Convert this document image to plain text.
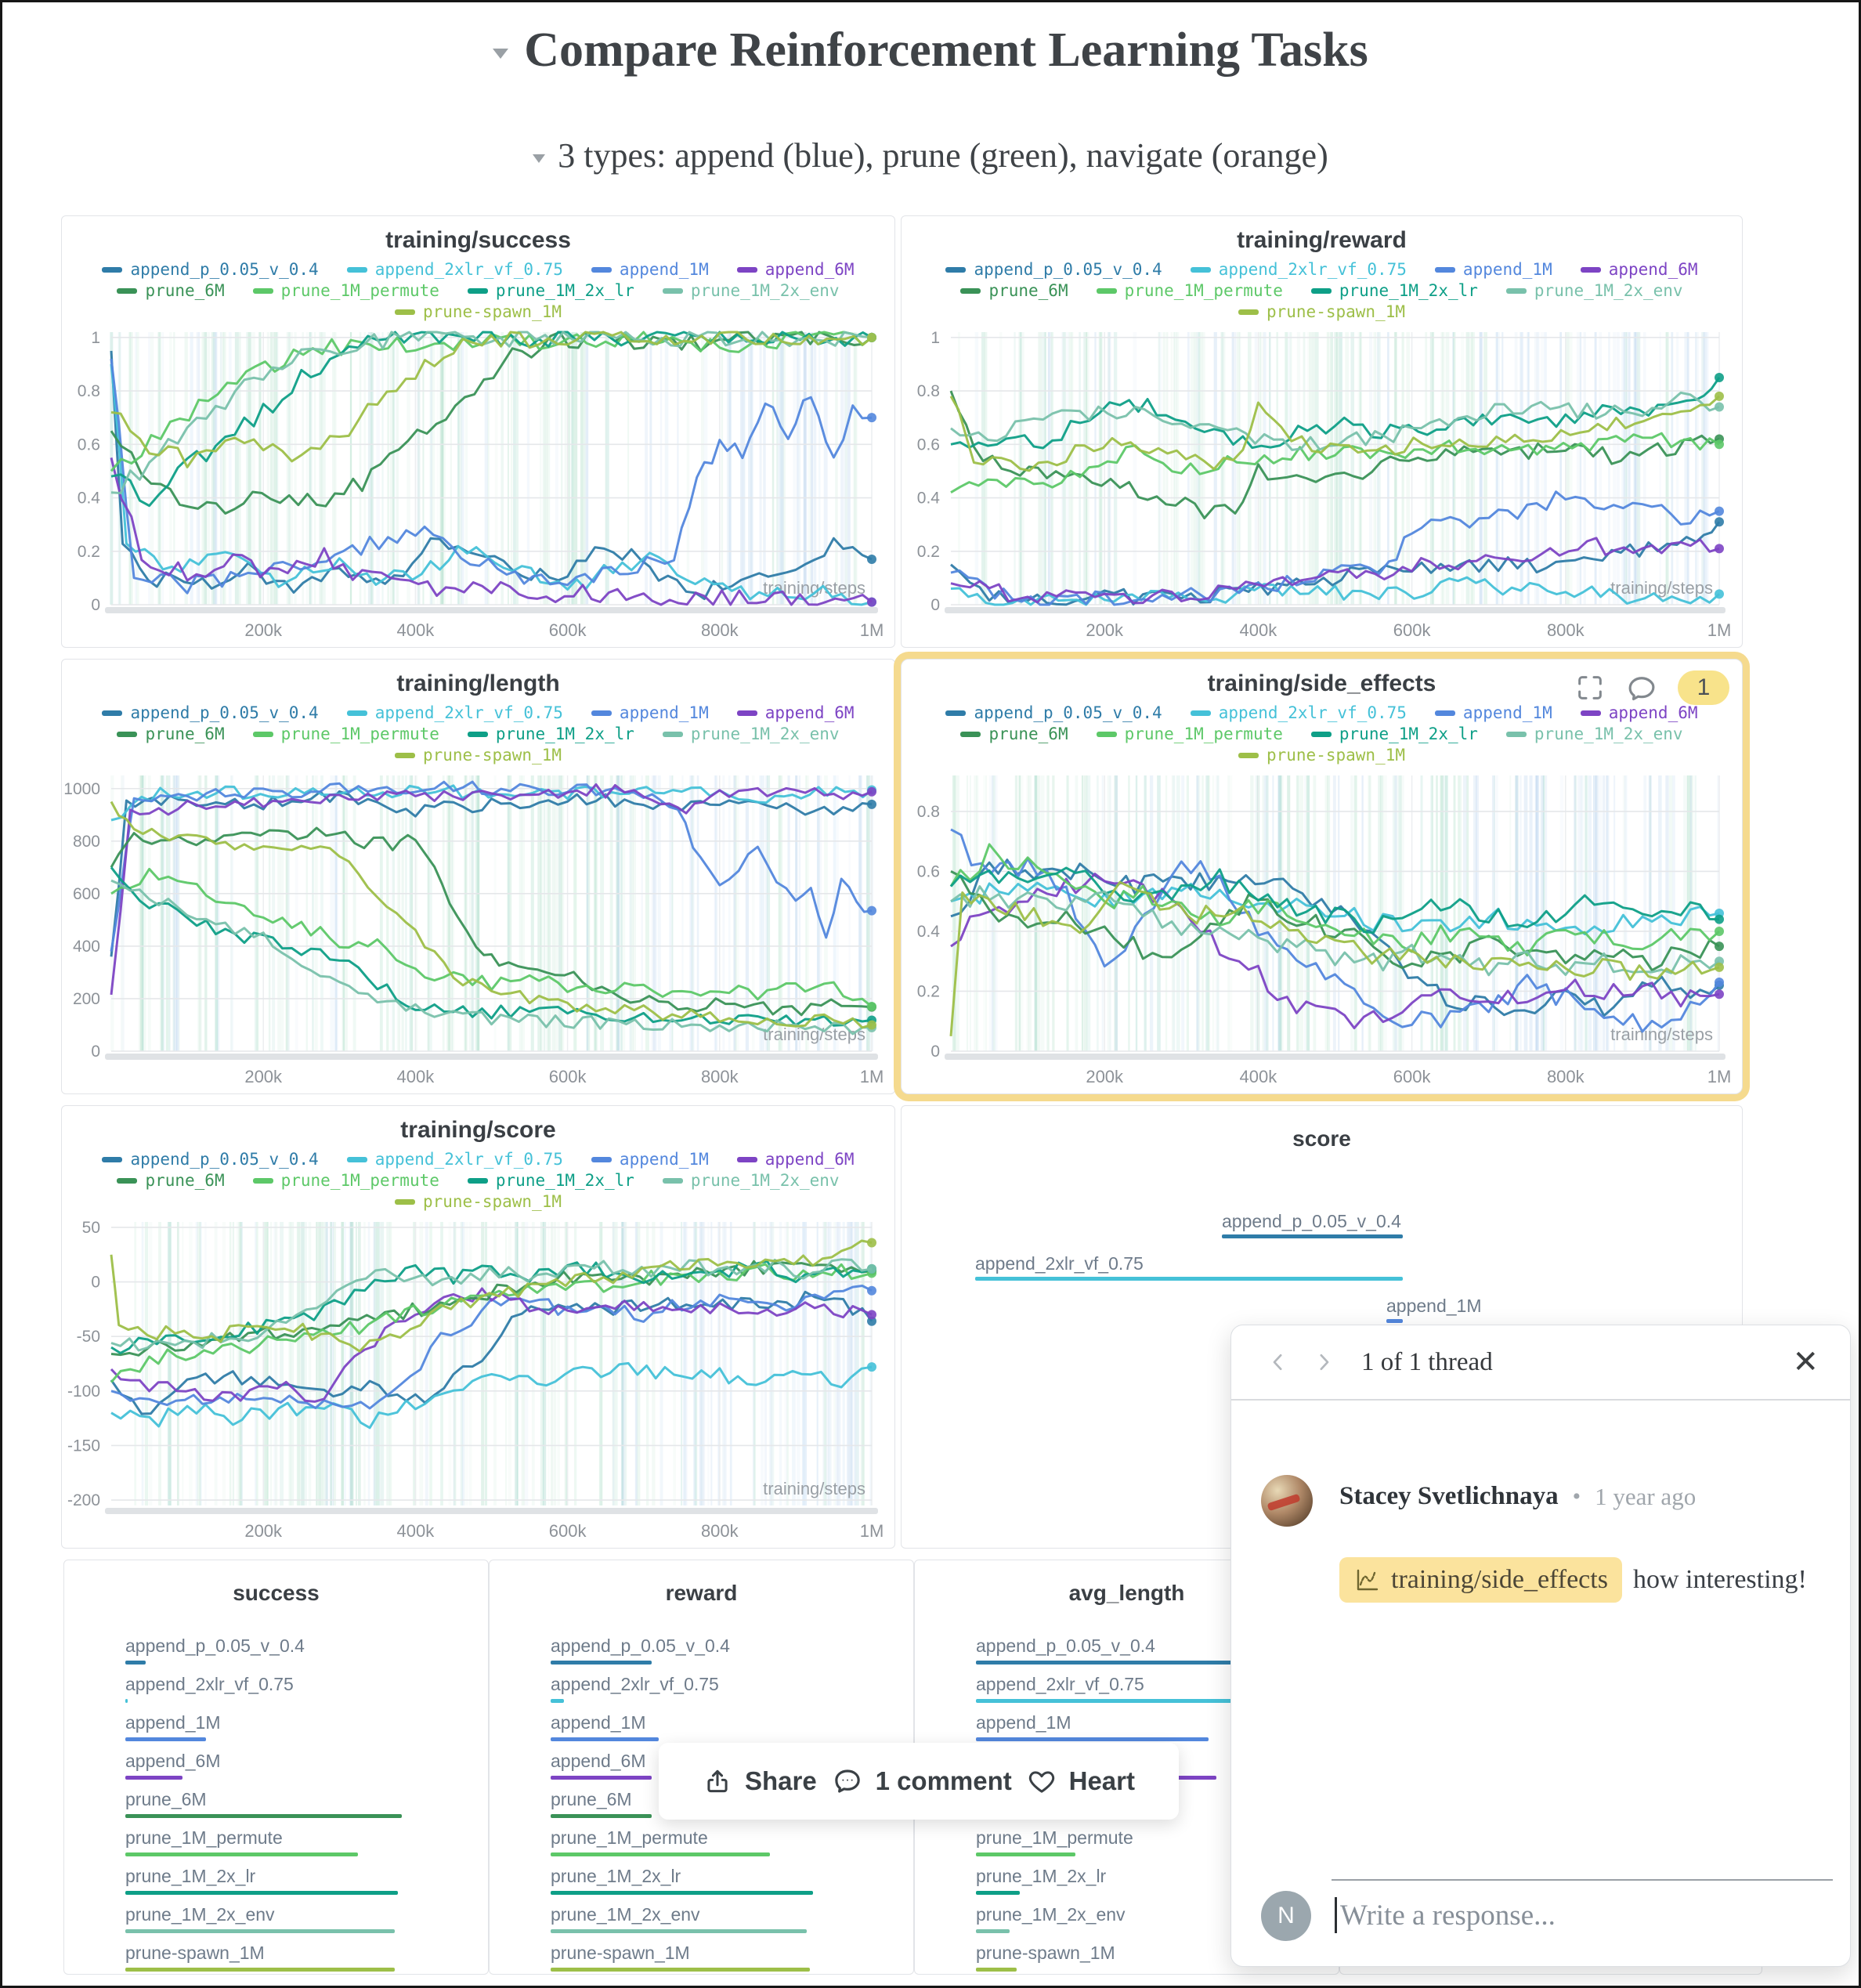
Compare Reinforcement Learning Tasks
3 types: append (blue), prune (green), navigate (orange)
training/success
append_p_0.05_v_0.4	append_2xlr_vf_0.75	append_1M	append_6M
prune_6M	prune_1M_permute	prune_1M_2x_lr	prune_1M_2x_env
prune-spawn_1M
0
0.2
0.4
0.6
0.8
1
200k	400k	600k	800k	1M
training/steps
training/reward
append_p_0.05_v_0.4	append_2xlr_vf_0.75	append_1M	append_6M
prune_6M	prune_1M_permute	prune_1M_2x_lr	prune_1M_2x_env
prune-spawn_1M
0
0.2
0.4
0.6
0.8
1
200k	400k	600k	800k	1M
training/steps
training/length
append_p_0.05_v_0.4	append_2xlr_vf_0.75	append_1M	append_6M
prune_6M	prune_1M_permute	prune_1M_2x_lr	prune_1M_2x_env
prune-spawn_1M
0
200
400
600
800
1000
200k	400k	600k	800k	1M
training/steps
1
training/side_effects
append_p_0.05_v_0.4	append_2xlr_vf_0.75	append_1M	append_6M
prune_6M	prune_1M_permute	prune_1M_2x_lr	prune_1M_2x_env
prune-spawn_1M
0
0.2
0.4
0.6
0.8
200k	400k	600k	800k	1M
training/steps
training/score
append_p_0.05_v_0.4	append_2xlr_vf_0.75	append_1M	append_6M
prune_6M	prune_1M_permute	prune_1M_2x_lr	prune_1M_2x_env
prune-spawn_1M
50
0
-50
-100
-150
-200
200k	400k	600k	800k	1M
training/steps
score
append_p_0.05_v_0.4
append_2xlr_vf_0.75
append_1M
success
append_p_0.05_v_0.4
append_2xlr_vf_0.75
append_1M
append_6M
prune_6M
prune_1M_permute
prune_1M_2x_lr
prune_1M_2x_env
prune-spawn_1M
reward
append_p_0.05_v_0.4
append_2xlr_vf_0.75
append_1M
append_6M
prune_6M
prune_1M_permute
prune_1M_2x_lr
prune_1M_2x_env
prune-spawn_1M
avg_length
append_p_0.05_v_0.4
append_2xlr_vf_0.75
append_1M
prune_1M_permute
prune_1M_2x_lr
prune_1M_2x_env
prune-spawn_1M
Share 1 comment Heart
1 of 1 thread	✕
Stacey Svetlichnaya • 1 year ago
training/side_effects how interesting!
N	Write a response...
